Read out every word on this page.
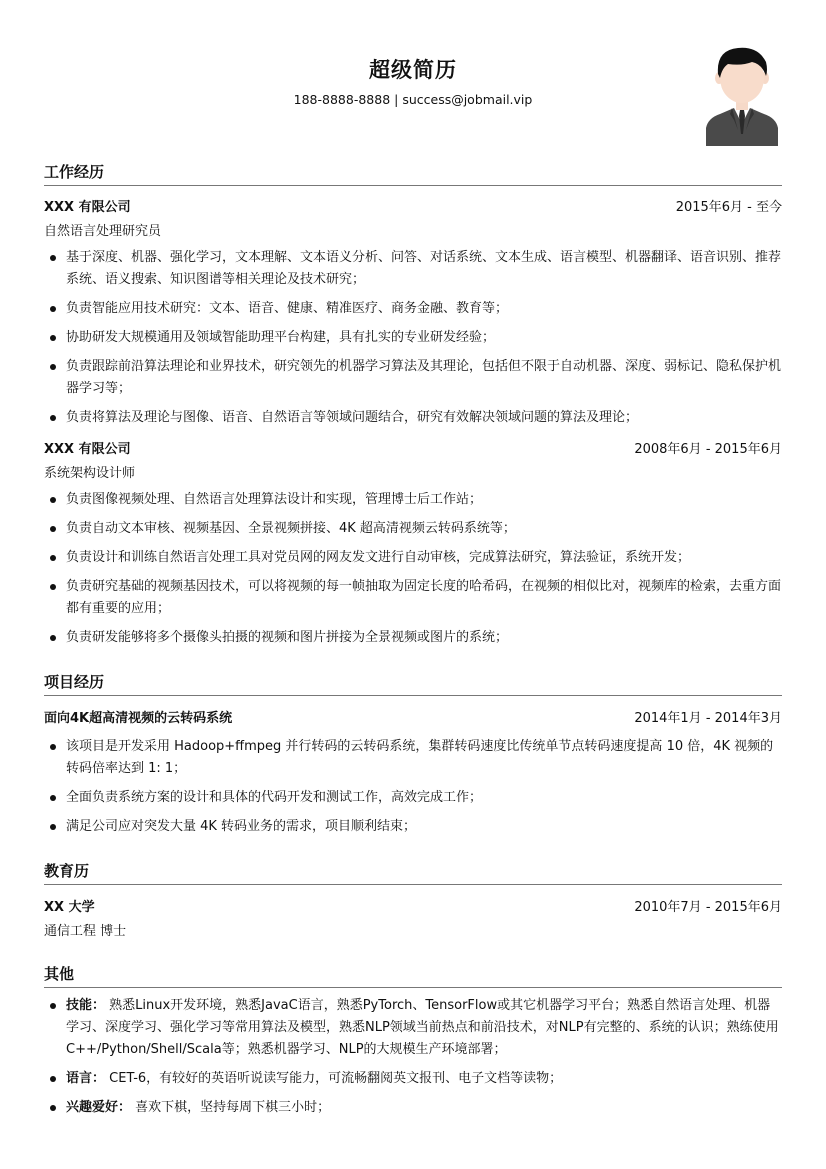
超级简历
188-8888-8888 | success@jobmail.vip
工作经历
XXX 有限公司	2015年6月 - 至今
自然语言处理研究员
基于深度、机器、强化学习，文本理解、文本语义分析、问答、对话系统、文本生成、语言模型、机器翻译、语音识别、推荐系统、语义搜索、知识图谱等相关理论及技术研究；
负责智能应用技术研究：文本、语音、健康、精准医疗、商务金融、教育等；
协助研发大规模通用及领域智能助理平台构建，具有扎实的专业研发经验；
负责跟踪前沿算法理论和业界技术，研究领先的机器学习算法及其理论，包括但不限于自动机器、深度、弱标记、隐私保护机器学习等；
负责将算法及理论与图像、语音、自然语言等领域问题结合，研究有效解决领域问题的算法及理论；
XXX 有限公司	2008年6月 - 2015年6月
系统架构设计师
负责图像视频处理、自然语言处理算法设计和实现，管理博士后工作站；
负责自动文本审核、视频基因、全景视频拼接、4K 超高清视频云转码系统等；
负责设计和训练自然语言处理工具对党员网的网友发文进行自动审核，完成算法研究，算法验证，系统开发；
负责研究基础的视频基因技术，可以将视频的每一帧抽取为固定长度的哈希码，在视频的相似比对，视频库的检索，去重方面都有重要的应用；
负责研发能够将多个摄像头拍摄的视频和图片拼接为全景视频或图片的系统；
项目经历
面向4K超高清视频的云转码系统	2014年1月 - 2014年3月
该项目是开发采用 Hadoop+ffmpeg 并行转码的云转码系统，集群转码速度比传统单节点转码速度提高 10 倍，4K 视频的转码倍率达到 1: 1；
全面负责系统方案的设计和具体的代码开发和测试工作，高效完成工作；
满足公司应对突发大量 4K 转码业务的需求，项目顺利结束；
教育历
XX 大学	2010年7月 - 2015年6月
通信工程 博士
其他
技能： 熟悉Linux开发环境，熟悉JavaC语言，熟悉PyTorch、TensorFlow或其它机器学习平台；熟悉自然语言处理、机器学习、深度学习、强化学习等常用算法及模型，熟悉NLP领域当前热点和前沿技术，对NLP有完整的、系统的认识；熟练使用C++/Python/Shell/Scala等；熟悉机器学习、NLP的大规模生产环境部署；
语言： CET-6，有较好的英语听说读写能力，可流畅翻阅英文报刊、电子文档等读物；
兴趣爱好： 喜欢下棋，坚持每周下棋三小时；
